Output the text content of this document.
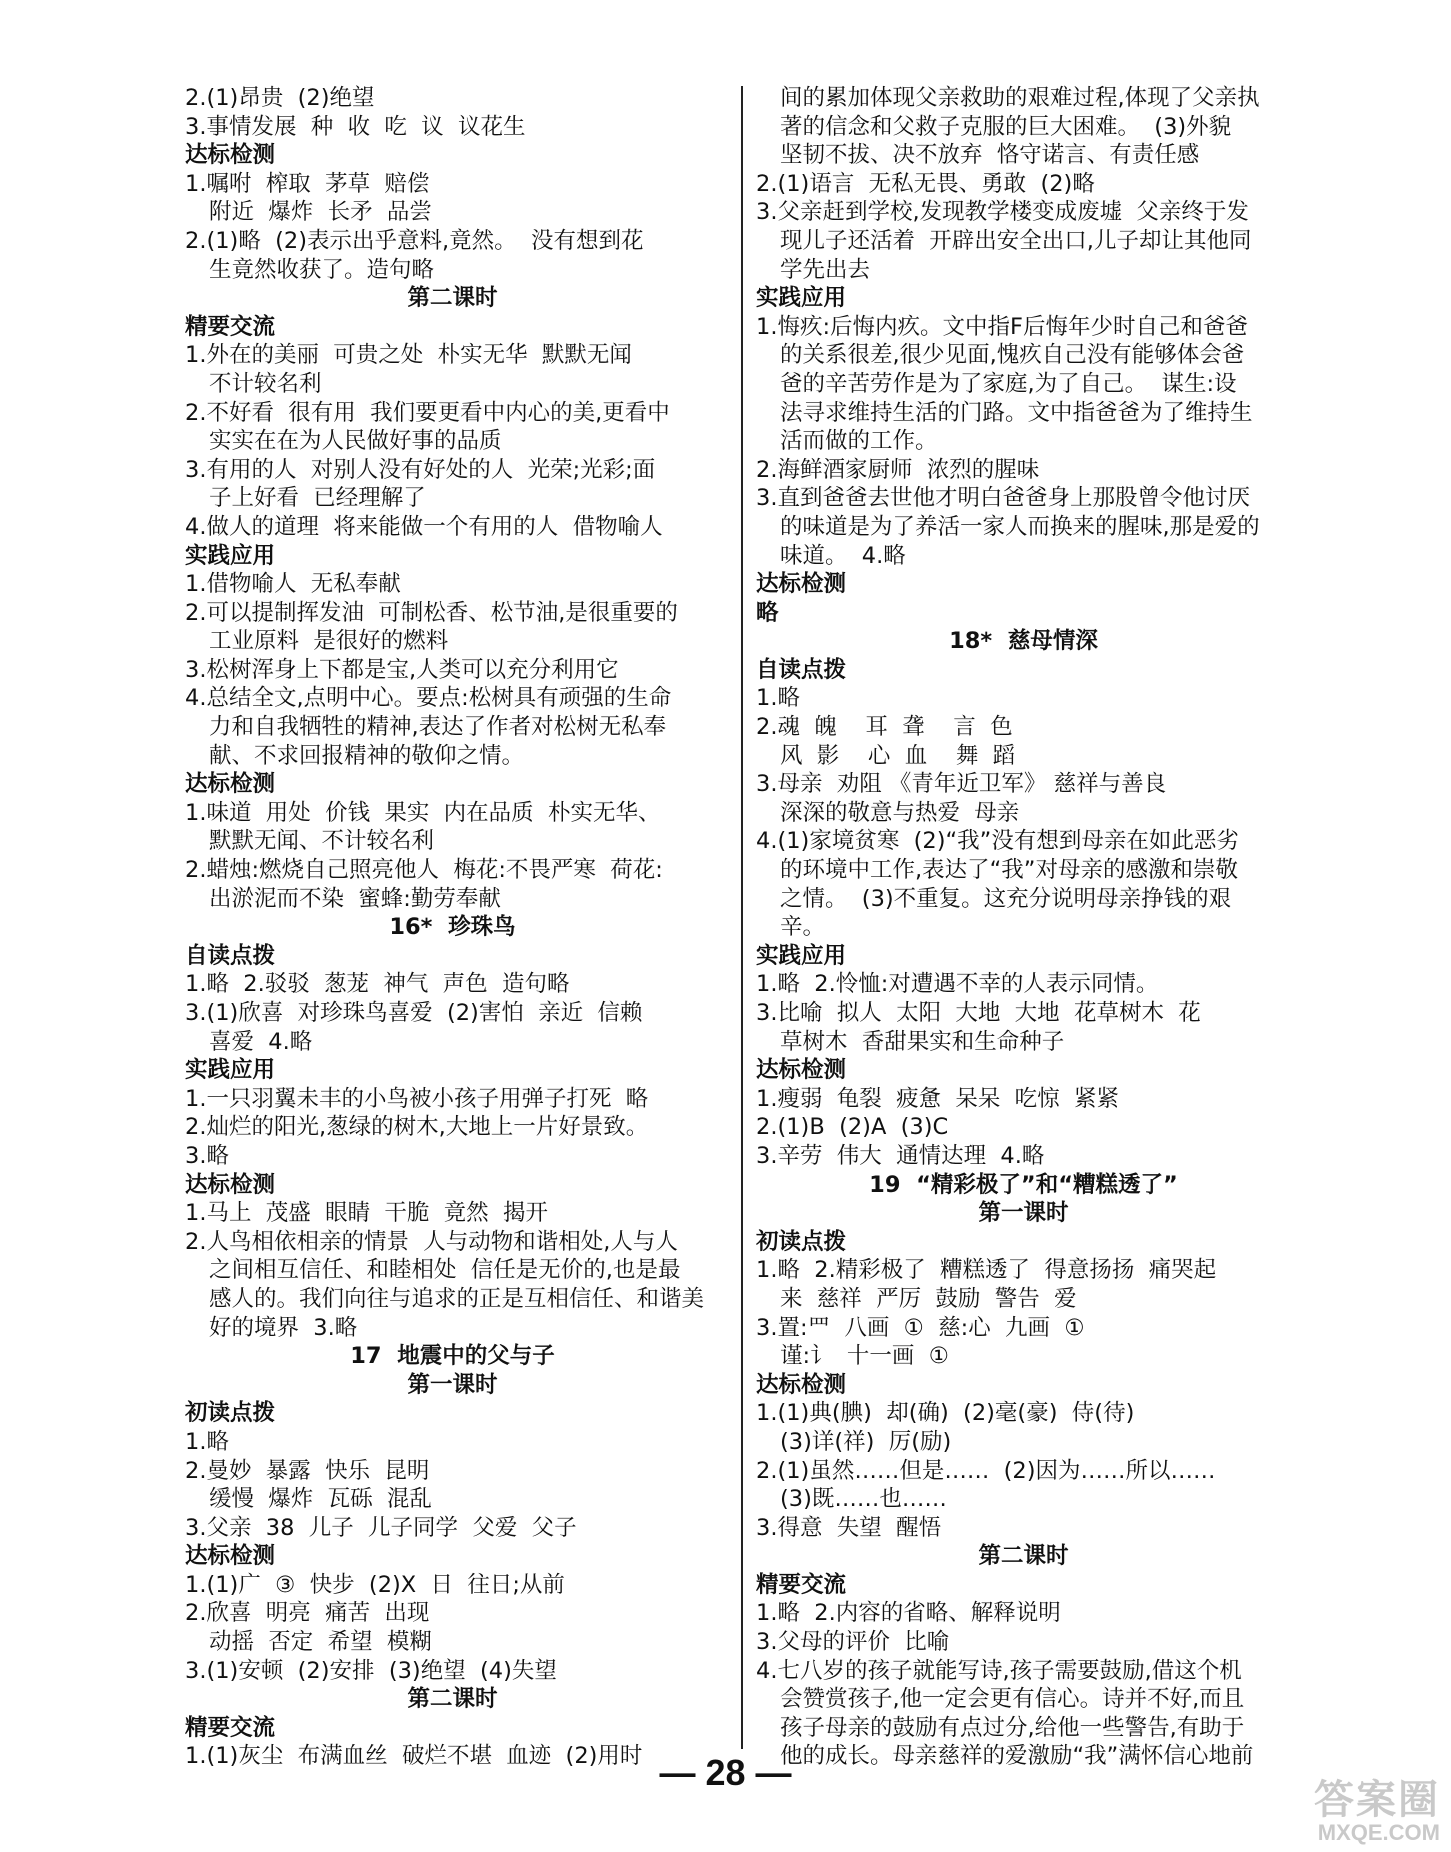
2.(1)昂贵  (2)绝望
3.事情发展  种  收  吃  议  议花生
达标检测
1.嘱咐  榨取  茅草  赔偿
附近  爆炸  长矛  品尝
2.(1)略  (2)表示出乎意料,竟然。  没有想到花
生竟然收获了。造句略
第二课时
精要交流
1.外在的美丽  可贵之处  朴实无华  默默无闻
不计较名利
2.不好看  很有用  我们要更看中内心的美,更看中
实实在在为人民做好事的品质
3.有用的人  对别人没有好处的人  光荣;光彩;面
子上好看  已经理解了
4.做人的道理  将来能做一个有用的人  借物喻人
实践应用
1.借物喻人  无私奉献
2.可以提制挥发油  可制松香、松节油,是很重要的
工业原料  是很好的燃料
3.松树浑身上下都是宝,人类可以充分利用它
4.总结全文,点明中心。要点:松树具有顽强的生命
力和自我牺牲的精神,表达了作者对松树无私奉
献、不求回报精神的敬仰之情。
达标检测
1.味道  用处  价钱  果实  内在品质  朴实无华、
默默无闻、不计较名利
2.蜡烛:燃烧自己照亮他人  梅花:不畏严寒  荷花:
出淤泥而不染  蜜蜂:勤劳奉献
16*  珍珠鸟
自读点拨
1.略  2.驳驳  葱茏  神气  声色  造句略
3.(1)欣喜  对珍珠鸟喜爱  (2)害怕  亲近  信赖
喜爱  4.略
实践应用
1.一只羽翼未丰的小鸟被小孩子用弹子打死  略
2.灿烂的阳光,葱绿的树木,大地上一片好景致。
3.略
达标检测
1.马上  茂盛  眼睛  干脆  竟然  揭开
2.人鸟相依相亲的情景  人与动物和谐相处,人与人
之间相互信任、和睦相处  信任是无价的,也是最
感人的。我们向往与追求的正是互相信任、和谐美
好的境界  3.略
17  地震中的父与子
第一课时
初读点拨
1.略
2.曼妙  暴露  快乐  昆明
缓慢  爆炸  瓦砾  混乱
3.父亲  38  儿子  儿子同学  父爱  父子
达标检测
1.(1)广  ③  快步  (2)X  日  往日;从前
2.欣喜  明亮  痛苦  出现
动摇  否定  希望  模糊
3.(1)安顿  (2)安排  (3)绝望  (4)失望
第二课时
精要交流
1.(1)灰尘  布满血丝  破烂不堪  血迹  (2)用时
间的累加体现父亲救助的艰难过程,体现了父亲执
著的信念和父救子克服的巨大困难。  (3)外貌
坚韧不拔、决不放弃  恪守诺言、有责任感
2.(1)语言  无私无畏、勇敢  (2)略
3.父亲赶到学校,发现教学楼变成废墟  父亲终于发
现儿子还活着  开辟出安全出口,儿子却让其他同
学先出去
实践应用
1.悔疚:后悔内疚。文中指F后悔年少时自己和爸爸
的关系很差,很少见面,愧疚自己没有能够体会爸
爸的辛苦劳作是为了家庭,为了自己。  谋生:设
法寻求维持生活的门路。文中指爸爸为了维持生
活而做的工作。
2.海鲜酒家厨师  浓烈的腥味
3.直到爸爸去世他才明白爸爸身上那股曾令他讨厌
的味道是为了养活一家人而换来的腥味,那是爱的
味道。  4.略
达标检测
略
18*  慈母情深
自读点拨
1.略
2.魂  魄    耳  聋    言  色
风  影    心  血    舞  蹈
3.母亲  劝阻 《青年近卫军》 慈祥与善良
深深的敬意与热爱  母亲
4.(1)家境贫寒  (2)“我”没有想到母亲在如此恶劣
的环境中工作,表达了“我”对母亲的感激和崇敬
之情。  (3)不重复。这充分说明母亲挣钱的艰
辛。
实践应用
1.略  2.怜恤:对遭遇不幸的人表示同情。
3.比喻  拟人  太阳  大地  大地  花草树木  花
草树木  香甜果实和生命种子
达标检测
1.瘦弱  龟裂  疲惫  呆呆  吃惊  紧紧
2.(1)B  (2)A  (3)C
3.辛劳  伟大  通情达理  4.略
19  “精彩极了”和“糟糕透了”
第一课时
初读点拨
1.略  2.精彩极了  糟糕透了  得意扬扬  痛哭起
来  慈祥  严厉  鼓励  警告  爱
3.置:罒  八画  ①  慈:心  九画  ①
谨:讠  十一画  ①
达标检测
1.(1)典(腆)  却(确)  (2)毫(豪)  侍(待)
(3)详(祥)  厉(励)
2.(1)虽然……但是……  (2)因为……所以……
(3)既……也……
3.得意  失望  醒悟
第二课时
精要交流
1.略  2.内容的省略、解释说明
3.父母的评价  比喻
4.七八岁的孩子就能写诗,孩子需要鼓励,借这个机
会赞赏孩子,他一定会更有信心。诗并不好,而且
孩子母亲的鼓励有点过分,给他一些警告,有助于
他的成长。母亲慈祥的爱激励“我”满怀信心地前
— 28 —
答案圈
MXQE.COM
